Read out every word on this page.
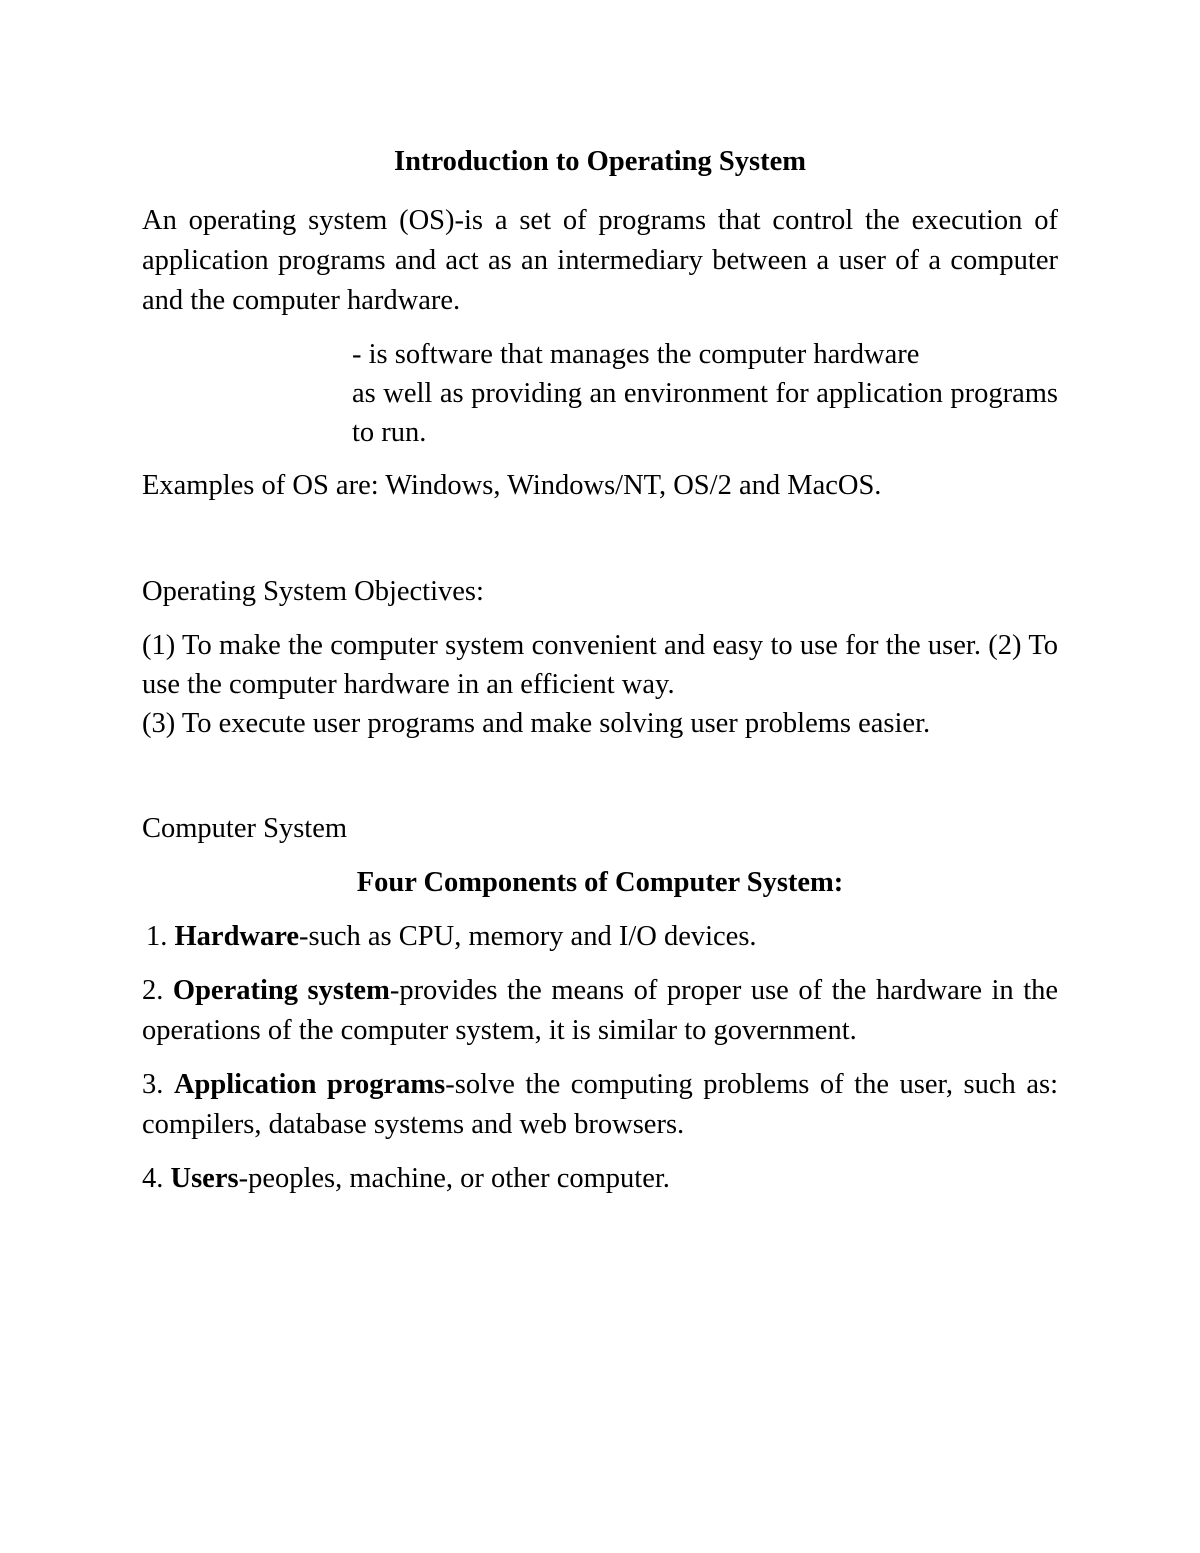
Introduction to Operating System

An operating system (OS)-is a set of programs that control the execution of application programs and act as an intermediary between a user of a computer and the computer hardware.

- is software that manages the computer hardware
as well as providing an environment for application programs to run.

Examples of OS are: Windows, Windows/NT, OS/2 and MacOS.

Operating System Objectives:

(1) To make the computer system convenient and easy to use for the user. (2) To use the computer hardware in an efficient way.
(3) To execute user programs and make solving user problems easier.

Computer System

Four Components of Computer System:

1. Hardware-such as CPU, memory and I/O devices.

2. Operating system-provides the means of proper use of the hardware in the operations of the computer system, it is similar to government.

3. Application programs-solve the computing problems of the user, such as: compilers, database systems and web browsers.

4. Users-peoples, machine, or other computer.
